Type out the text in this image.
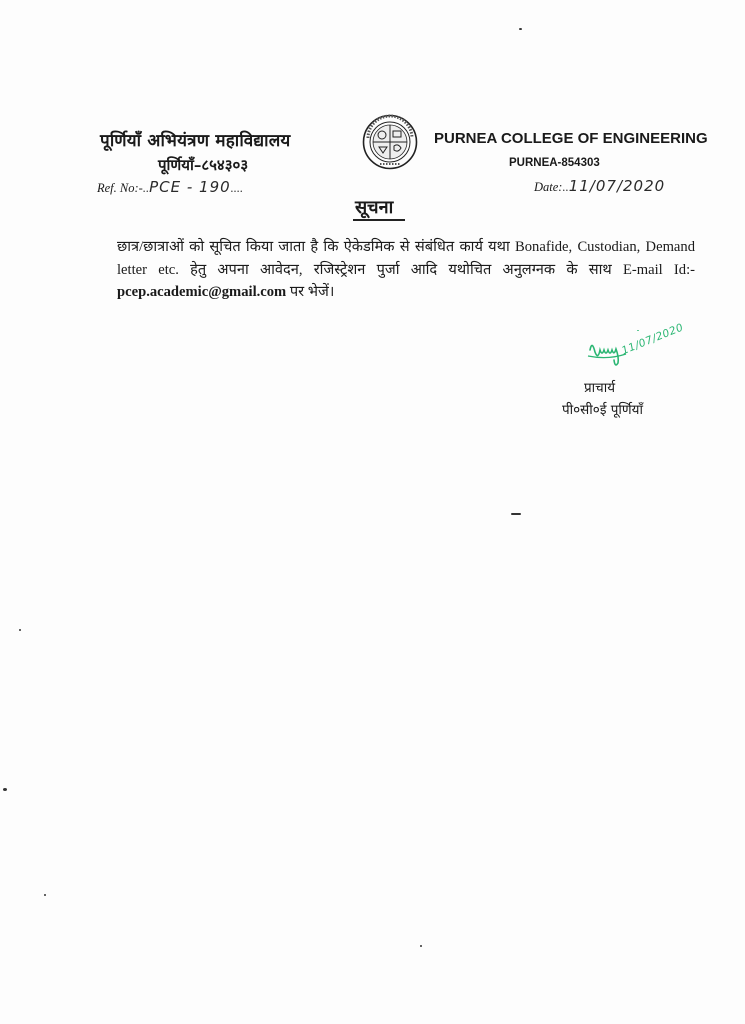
पूर्णियाँ अभियंत्रण महाविद्यालय
पूर्णियाँ–८५४३०३
PURNEA COLLEGE OF ENGINEERING
PURNEA-854303
Ref. No:-..PCE - 190....	Date:..11/07/2020
सूचना
छात्र/छात्राओं को सूचित किया जाता है कि ऐकेडमिक से संबंधित कार्य यथा Bonafide, Custodian, Demand letter etc. हेतु अपना आवेदन, रजिस्ट्रेशन पुर्जा आदि यथोचित अनुलग्नक के साथ E-mail Id:- pcep.academic@gmail.com पर भेजें।
11/07/2020
प्राचार्य
पी०सी०ई पूर्णियाँ
